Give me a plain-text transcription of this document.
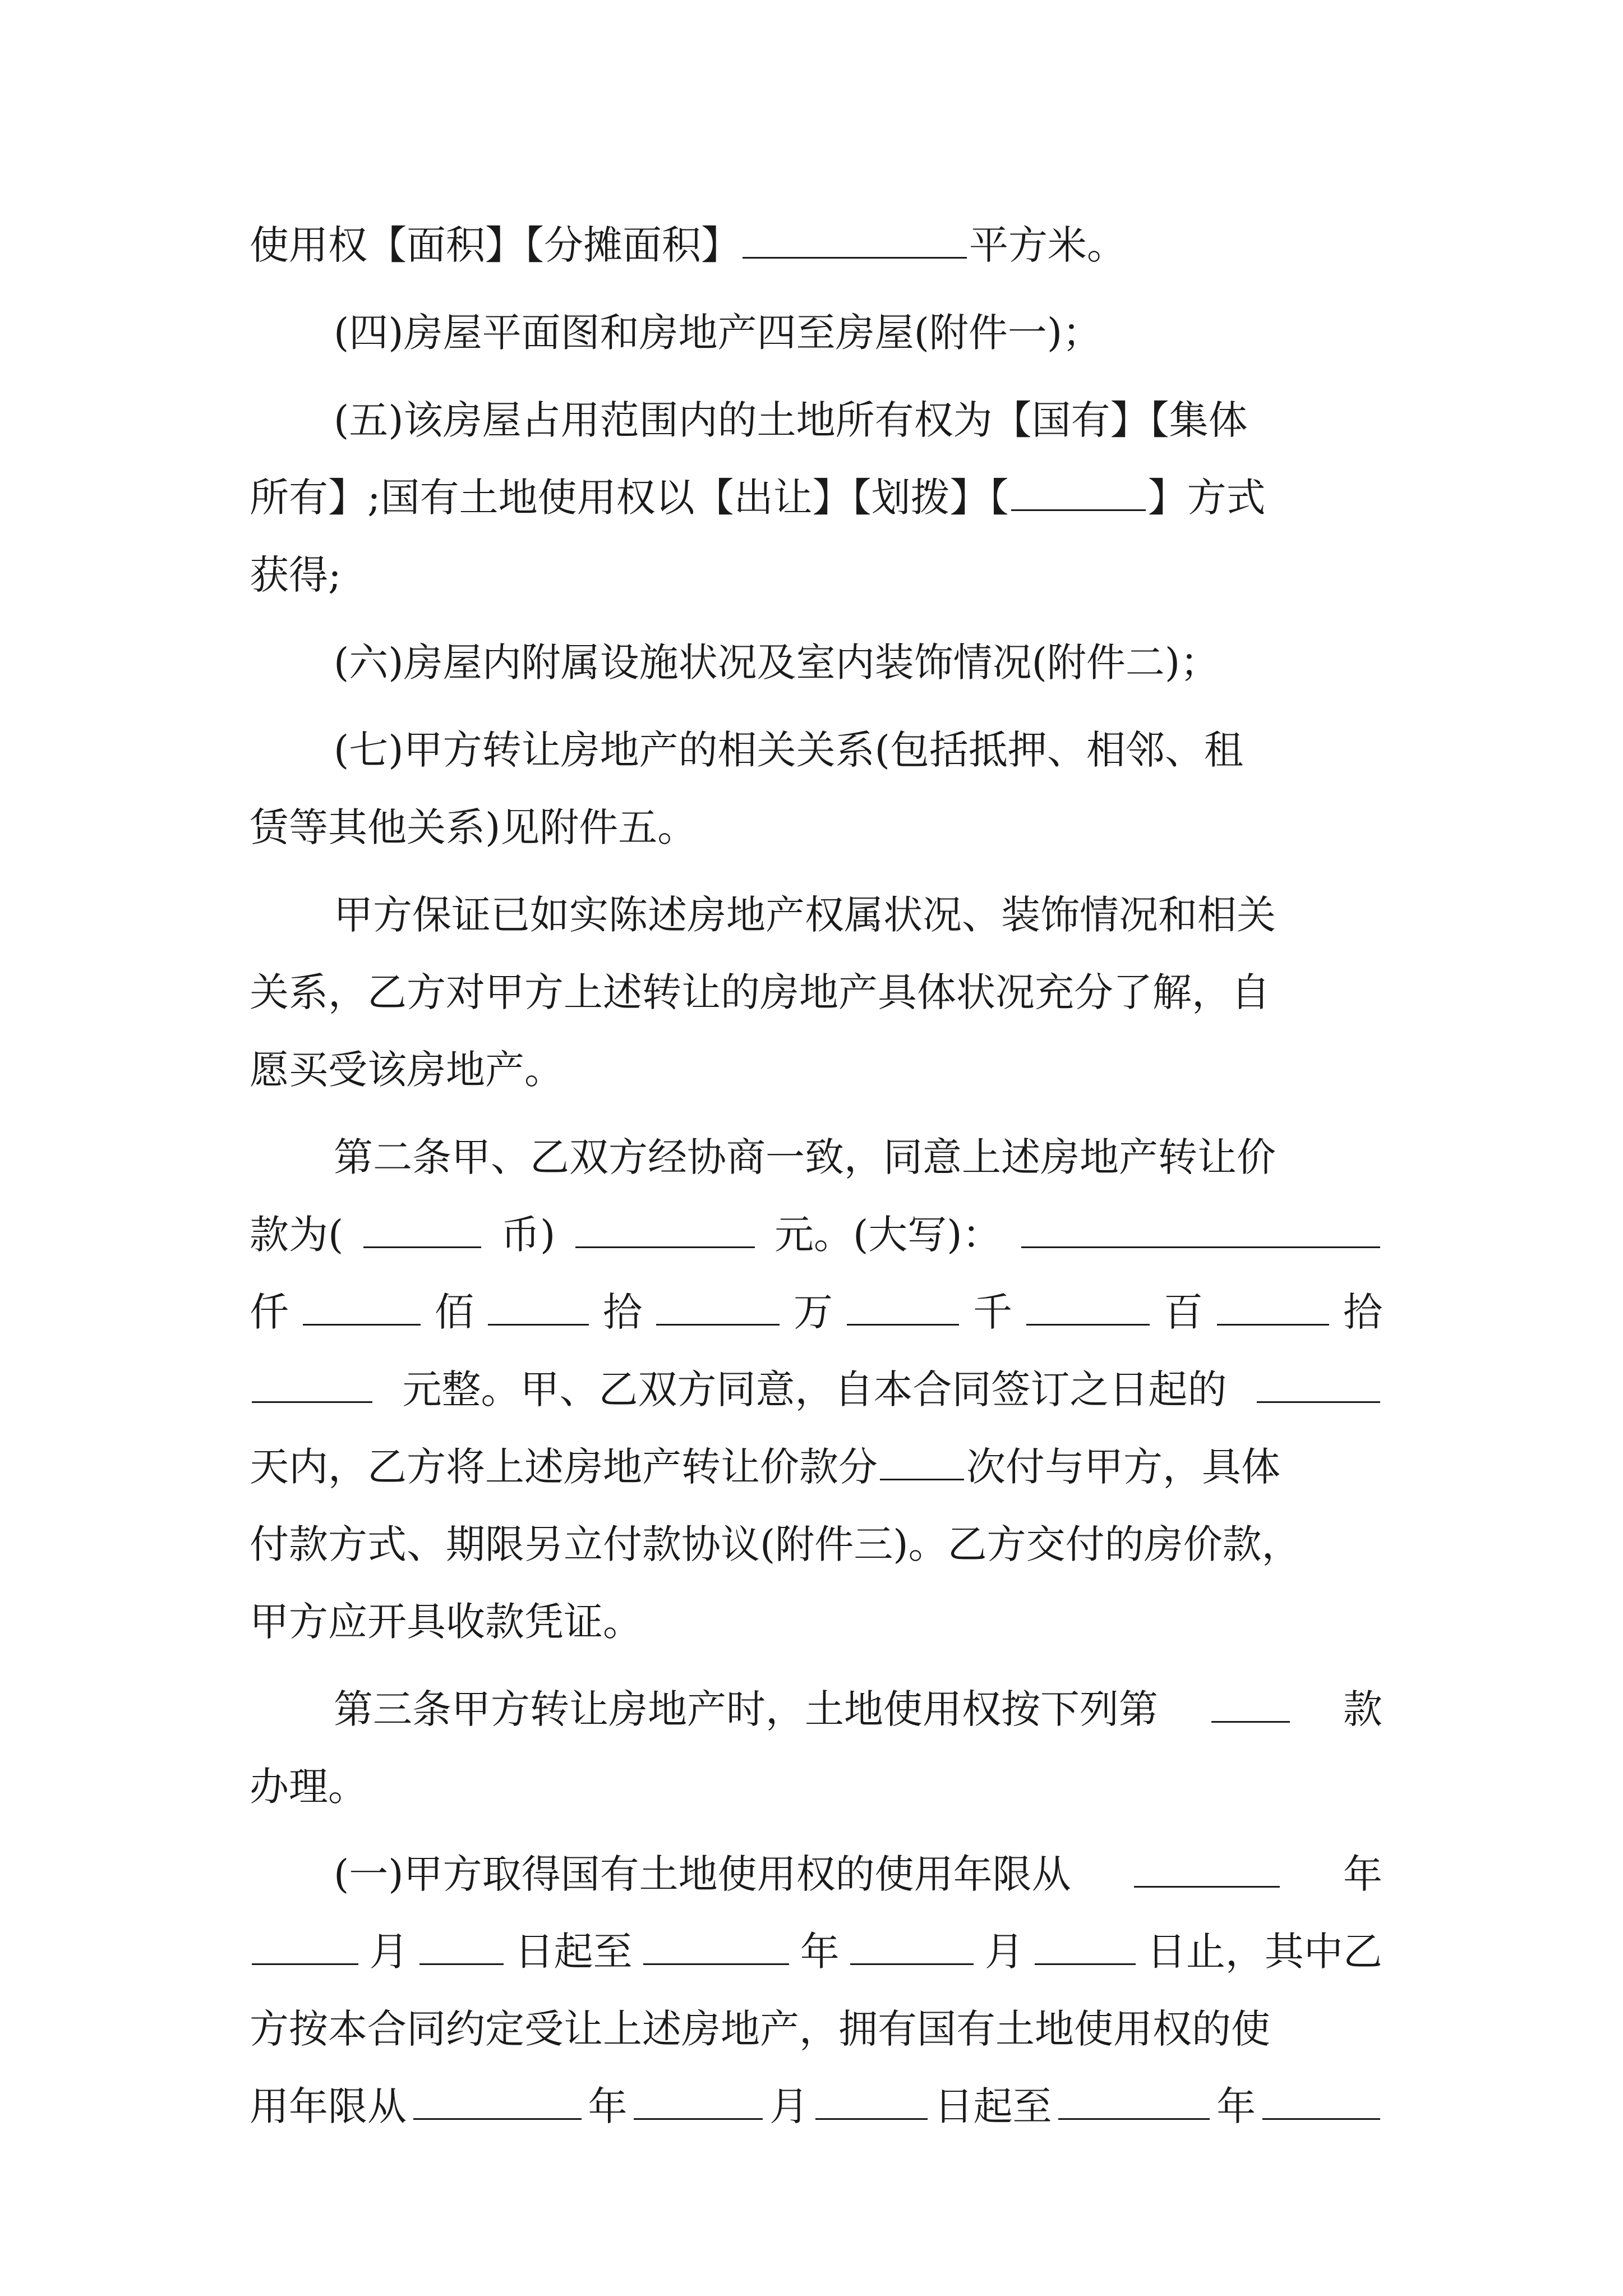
使用权【面积】【分摊面积】	平方米。
(四)房屋平面图和房地产四至房屋(附件一)；
(五)该房屋占用范围内的土地所有权为【国有】【集体
所有】;国有土地使用权以【出让】【划拨】【	】方式
获得;
(六)房屋内附属设施状况及室内装饰情况(附件二)；
(七)甲方转让房地产的相关关系(包括抵押、相邻、租
赁等其他关系)见附件五。
甲方保证已如实陈述房地产权属状况、装饰情况和相关
关系，乙方对甲方上述转让的房地产具体状况充分了解，自
愿买受该房地产。
第二条甲、乙双方经协商一致，同意上述房地产转让价
款为(	币)	元。(大写)：
仟	佰	拾	万	千	百	拾
元整。甲、乙双方同意，自本合同签订之日起的
天内，乙方将上述房地产转让价款分 次付与甲方，具体
付款方式、期限另立付款协议(附件三)。乙方交付的房价款，
甲方应开具收款凭证。
第三条甲方转让房地产时，土地使用权按下列第	款
办理。
(一)甲方取得国有土地使用权的使用年限从	年
月	日起至	年	月	日止，其中乙
方按本合同约定受让上述房地产，拥有国有土地使用权的使
用年限从	年	月	日起至	年
